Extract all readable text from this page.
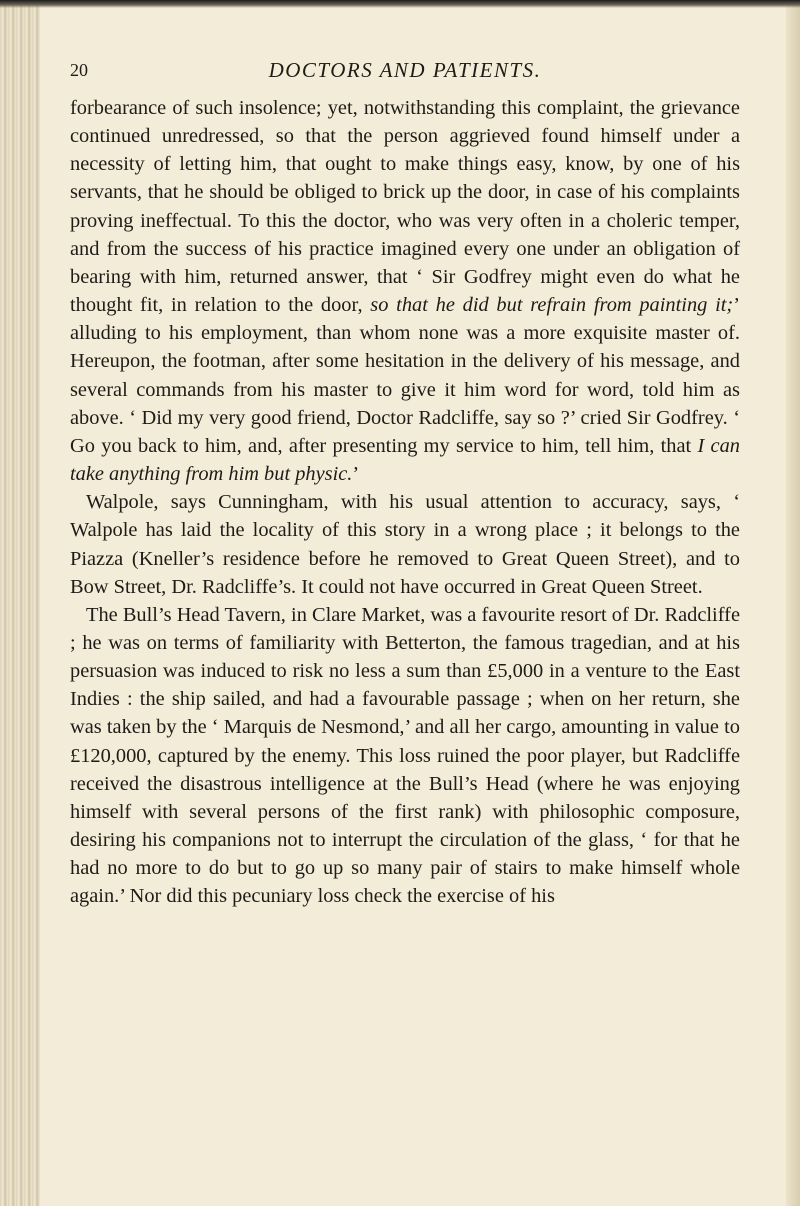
20	DOCTORS AND PATIENTS.

forbearance of such insolence; yet, notwithstanding this complaint, the grievance continued unredressed, so that the person aggrieved found himself under a necessity of letting him, that ought to make things easy, know, by one of his servants, that he should be obliged to brick up the door, in case of his complaints proving ineffectual. To this the doctor, who was very often in a choleric temper, and from the success of his practice imagined every one under an obligation of bearing with him, returned answer, that ‘ Sir Godfrey might even do what he thought fit, in relation to the door, so that he did but refrain from painting it;’ alluding to his employment, than whom none was a more exquisite master of. Hereupon, the footman, after some hesitation in the delivery of his message, and several commands from his master to give it him word for word, told him as above. ‘ Did my very good friend, Doctor Radcliffe, say so ?’ cried Sir Godfrey. ‘ Go you back to him, and, after presenting my service to him, tell him, that I can take anything from him but physic.’

Walpole, says Cunningham, with his usual attention to accuracy, says, ‘ Walpole has laid the locality of this story in a wrong place ; it belongs to the Piazza (Kneller’s residence before he removed to Great Queen Street), and to Bow Street, Dr. Radcliffe’s. It could not have occurred in Great Queen Street.

The Bull’s Head Tavern, in Clare Market, was a favourite resort of Dr. Radcliffe ; he was on terms of familiarity with Betterton, the famous tragedian, and at his persuasion was induced to risk no less a sum than £5,000 in a venture to the East Indies : the ship sailed, and had a favourable passage ; when on her return, she was taken by the ‘ Marquis de Nesmond,’ and all her cargo, amounting in value to £120,000, captured by the enemy. This loss ruined the poor player, but Radcliffe received the disastrous intelligence at the Bull’s Head (where he was enjoying himself with several persons of the first rank) with philosophic composure, desiring his companions not to interrupt the circulation of the glass, ‘ for that he had no more to do but to go up so many pair of stairs to make himself whole again.’ Nor did this pecuniary loss check the exercise of his
